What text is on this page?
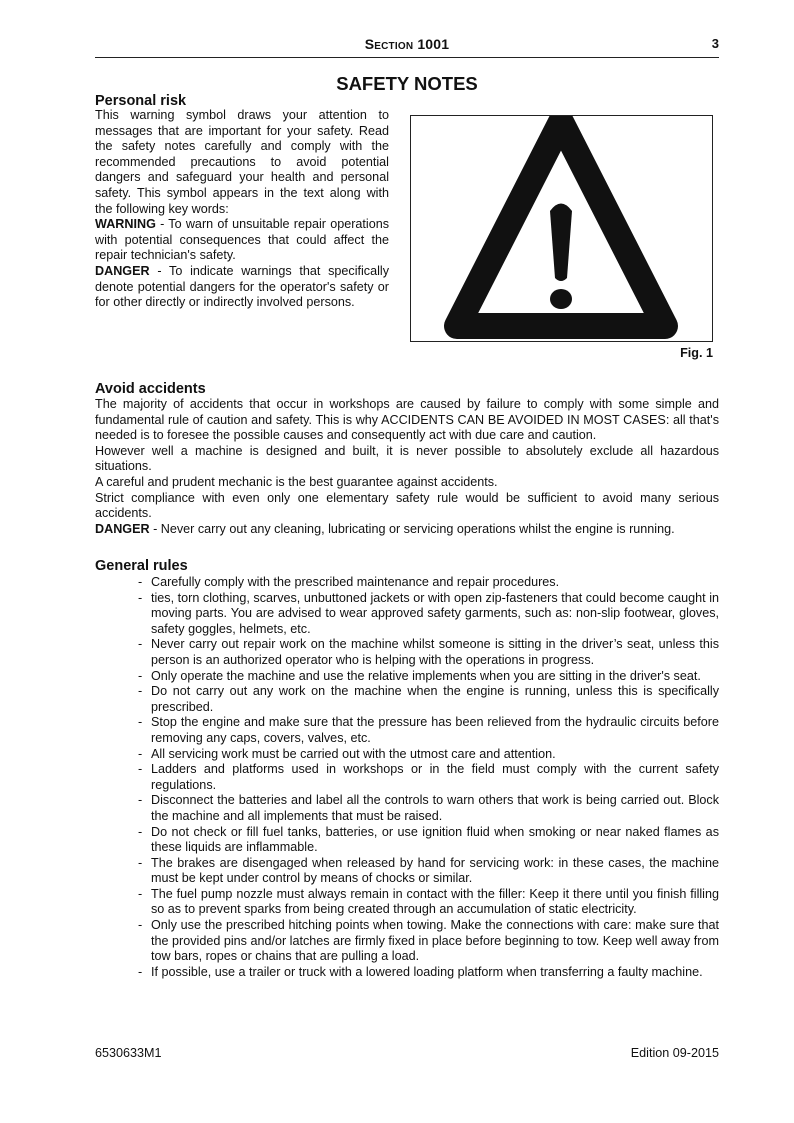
Section 1001	3
SAFETY NOTES
Personal risk

This warning symbol draws your attention to messages that are important for your safety. Read the safety notes carefully and comply with the recommended precautions to avoid potential dangers and safeguard your health and personal safety. This symbol appears in the text along with the following key words:

WARNING - To warn of unsuitable repair operations with potential consequences that could affect the repair technician's safety.

DANGER - To indicate warnings that specifically denote potential dangers for the operator's safety or for other directly or indirectly involved persons.

Fig. 1
Avoid accidents

The majority of accidents that occur in workshops are caused by failure to comply with some simple and fundamental rule of caution and safety. This is why ACCIDENTS CAN BE AVOIDED IN MOST CASES: all that's needed is to foresee the possible causes and consequently act with due care and caution.

However well a machine is designed and built, it is never possible to absolutely exclude all hazardous situations.

A careful and prudent mechanic is the best guarantee against accidents.

Strict compliance with even only one elementary safety rule would be sufficient to avoid many serious accidents.

DANGER - Never carry out any cleaning, lubricating or servicing operations whilst the engine is running.

General rules
- Carefully comply with the prescribed maintenance and repair procedures.
- ties, torn clothing, scarves, unbuttoned jackets or with open zip-fasteners that could become caught in moving parts. You are advised to wear approved safety garments, such as: non-slip footwear, gloves, safety goggles, helmets, etc.
- Never carry out repair work on the machine whilst someone is sitting in the driver’s seat, unless this person is an authorized operator who is helping with the operations in progress.
- Only operate the machine and use the relative implements when you are sitting in the driver's seat.
- Do not carry out any work on the machine when the engine is running, unless this is specifically prescribed.
- Stop the engine and make sure that the pressure has been relieved from the hydraulic circuits before removing any caps, covers, valves, etc.
- All servicing work must be carried out with the utmost care and attention.
- Ladders and platforms used in workshops or in the field must comply with the current safety regulations.
- Disconnect the batteries and label all the controls to warn others that work is being carried out. Block the machine and all implements that must be raised.
- Do not check or fill fuel tanks, batteries, or use ignition fluid when smoking or near naked flames as these liquids are inflammable.
- The brakes are disengaged when released by hand for servicing work: in these cases, the machine must be kept under control by means of chocks or similar.
- The fuel pump nozzle must always remain in contact with the filler: Keep it there until you finish filling so as to prevent sparks from being created through an accumulation of static electricity.
- Only use the prescribed hitching points when towing. Make the connections with care: make sure that the provided pins and/or latches are firmly fixed in place before beginning to tow. Keep well away from tow bars, ropes or chains that are pulling a load.
- If possible, use a trailer or truck with a lowered loading platform when transferring a faulty machine.
6530633M1	Edition 09-2015
